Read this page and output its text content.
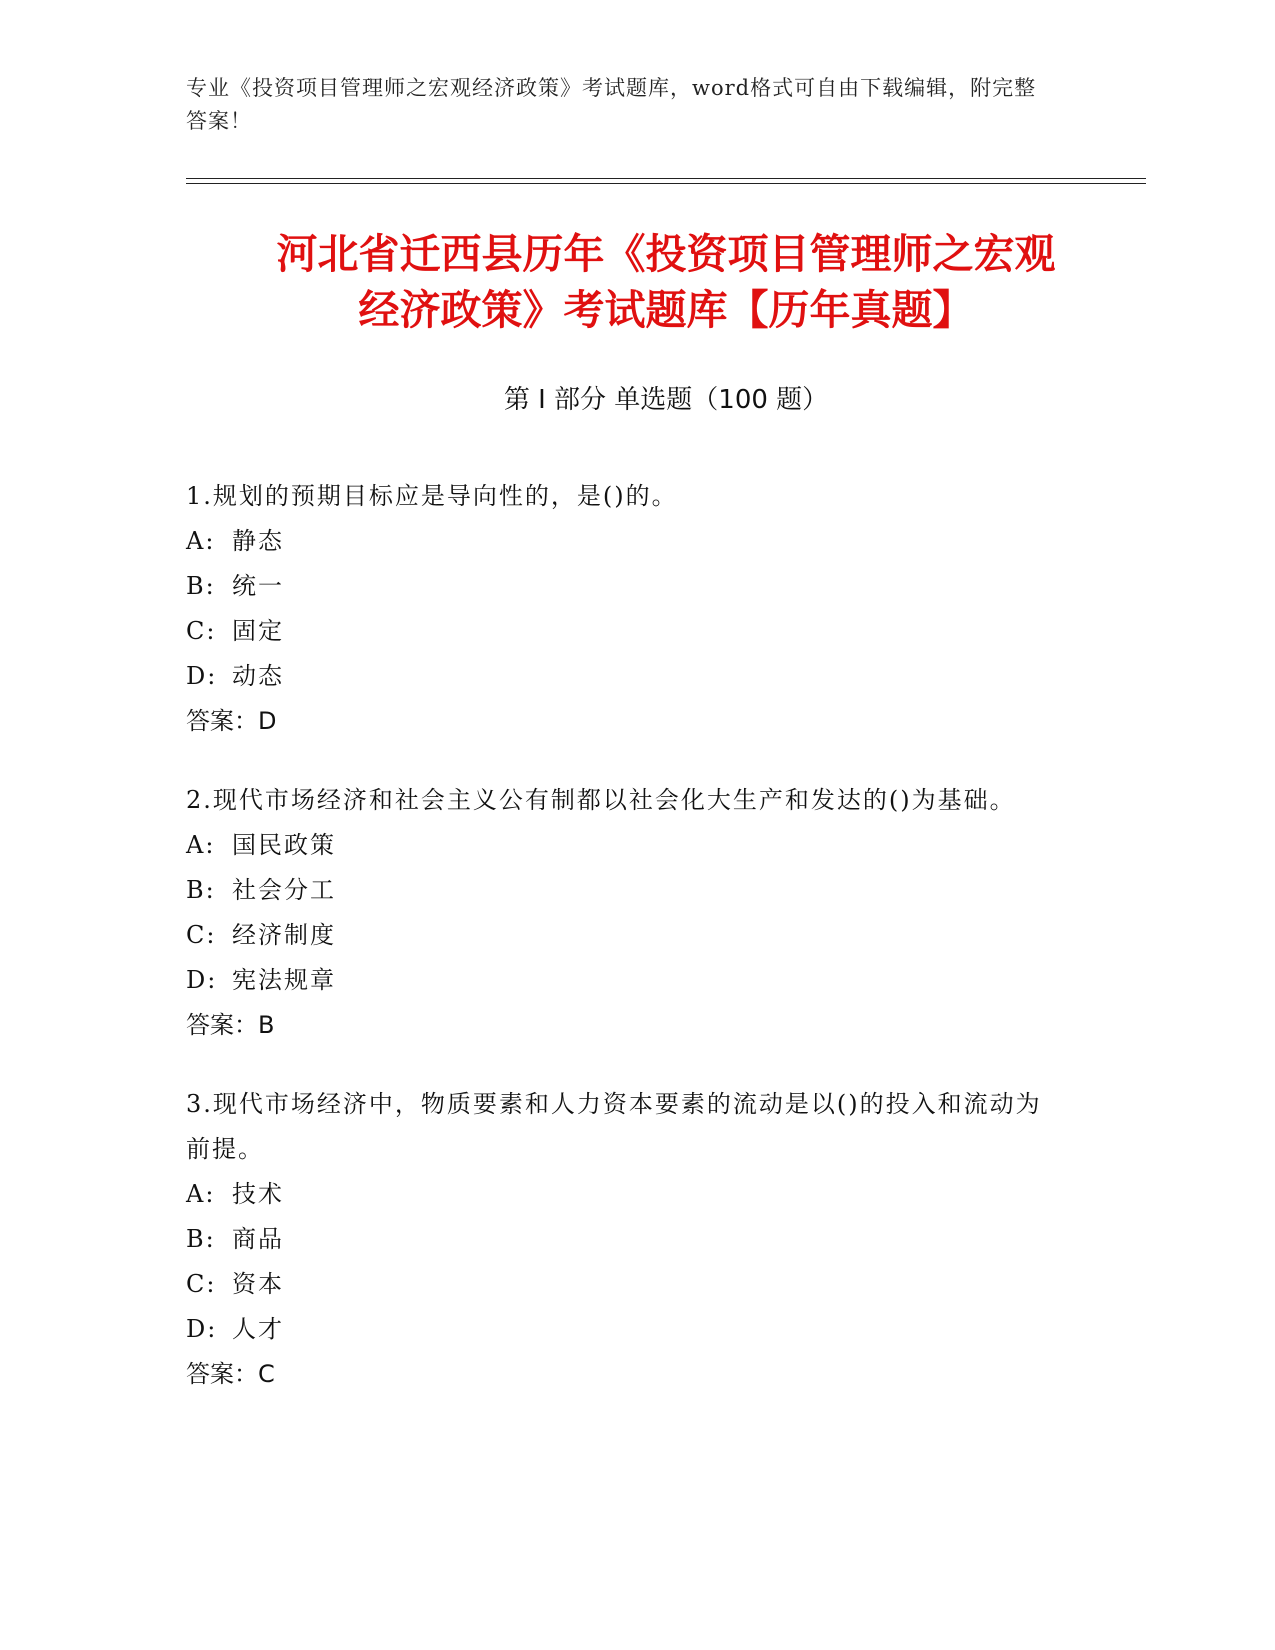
专业《投资项目管理师之宏观经济政策》考试题库，word格式可自由下载编辑，附完整答案！
河北省迁西县历年《投资项目管理师之宏观
经济政策》考试题库【历年真题】
第 I 部分 单选题（100 题）

1.规划的预期目标应是导向性的，是()的。

A: 静态

B: 统一

C: 固定

D: 动态

答案：D

2.现代市场经济和社会主义公有制都以社会化大生产和发达的()为基础。

A: 国民政策

B: 社会分工

C: 经济制度

D: 宪法规章

答案：B

3.现代市场经济中，物质要素和人力资本要素的流动是以()的投入和流动为前提。

A: 技术

B: 商品

C: 资本

D: 人才

答案：C
